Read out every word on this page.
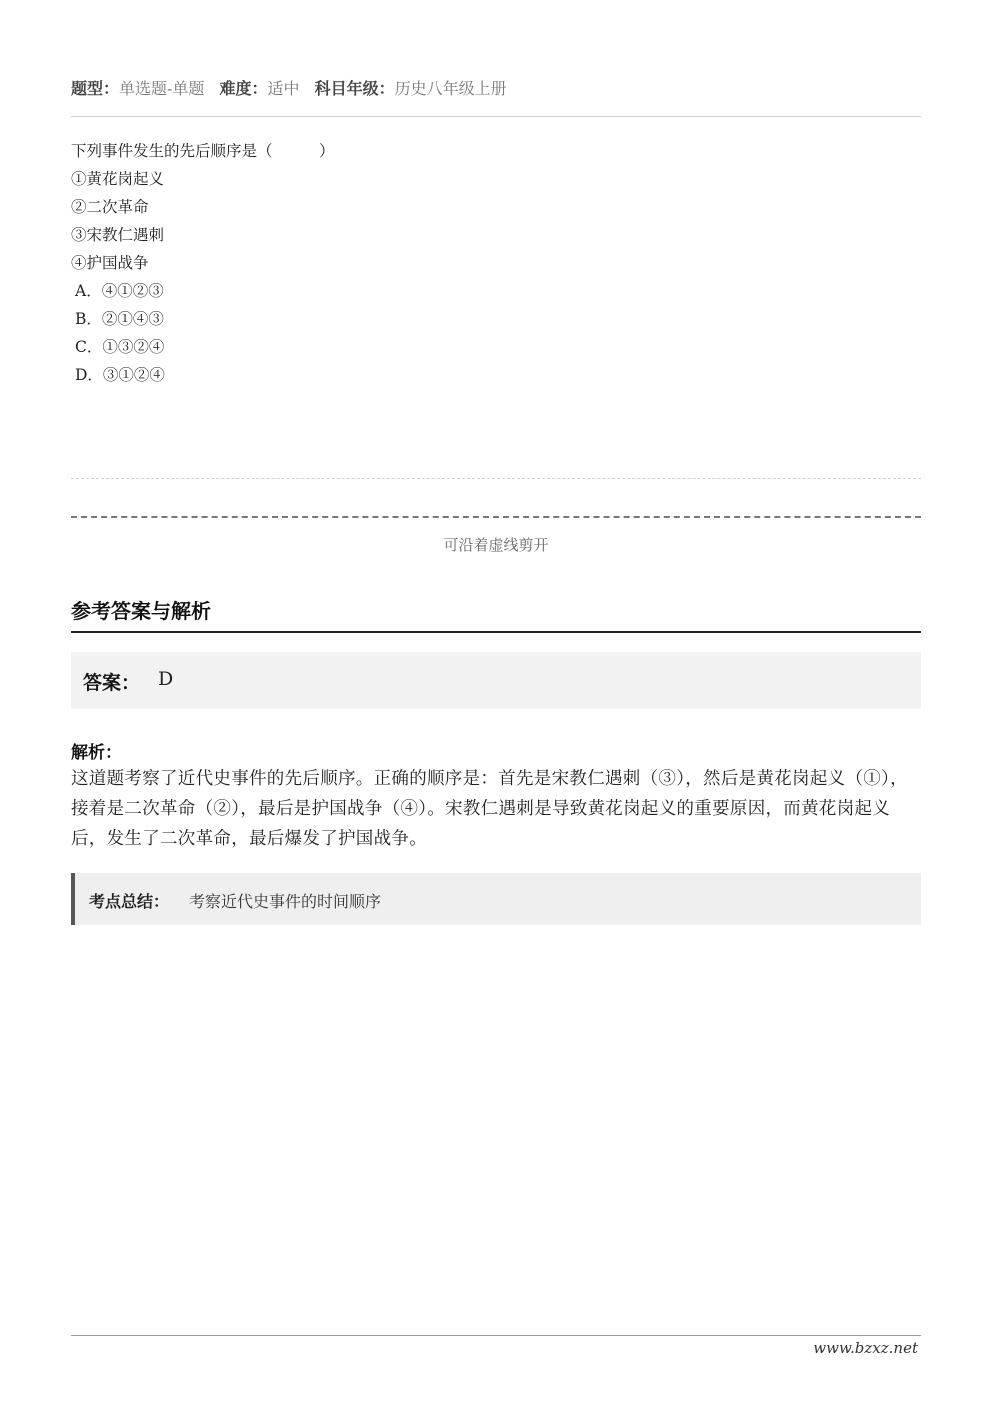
题型：单选题-单题 难度：适中 科目年级：历史八年级上册
下列事件发生的先后顺序是（　　　）
①黄花岗起义
②二次革命
③宋教仁遇刺
④护国战争
A．④①②③
B．②①④③
C．①③②④
D．③①②④
可沿着虚线剪开
参考答案与解析
答案： D
解析：
这道题考察了近代史事件的先后顺序。正确的顺序是：首先是宋教仁遇刺（③），然后是黄花岗起义（①），接着是二次革命（②），最后是护国战争（④）。宋教仁遇刺是导致黄花岗起义的重要原因，而黄花岗起义后，发生了二次革命，最后爆发了护国战争。
考点总结： 考察近代史事件的时间顺序
www.bzxz.net
